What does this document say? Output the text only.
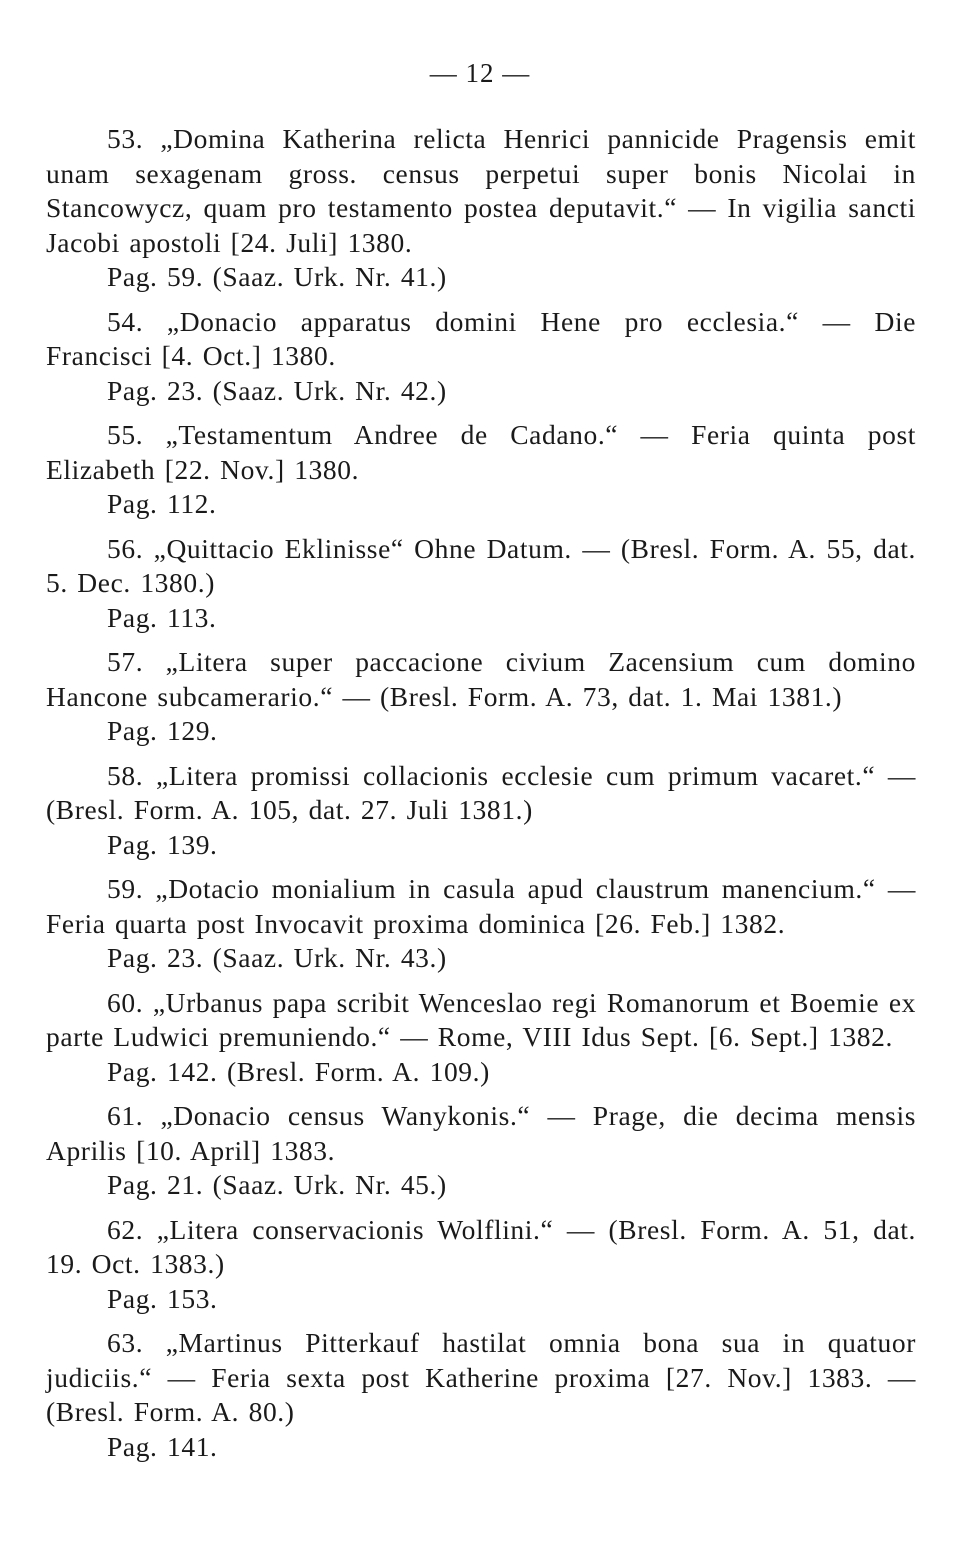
— 12 —

53. „Domina Katherina relicta Henrici pannicide Pragensis emit unam sexagenam gross. census perpetui super bonis Nicolai in Stancowycz, quam pro testamento postea deputavit.“ — In vigilia sancti Jacobi apostoli [24. Juli] 1380.

Pag. 59. (Saaz. Urk. Nr. 41.)

54. „Donacio apparatus domini Hene pro ecclesia.“ — Die Francisci [4. Oct.] 1380.

Pag. 23. (Saaz. Urk. Nr. 42.)

55. „Testamentum Andree de Cadano.“ — Feria quinta post Elizabeth [22. Nov.] 1380.

Pag. 112.

56. „Quittacio Eklinisse“ Ohne Datum. — (Bresl. Form. A. 55, dat. 5. Dec. 1380.)

Pag. 113.

57. „Litera super paccacione civium Zacensium cum domino Hancone subcamerario.“ — (Bresl. Form. A. 73, dat. 1. Mai 1381.)

Pag. 129.

58. „Litera promissi collacionis ecclesie cum primum vacaret.“ — (Bresl. Form. A. 105, dat. 27. Juli 1381.)

Pag. 139.

59. „Dotacio monialium in casula apud claustrum manencium.“ — Feria quarta post Invocavit proxima dominica [26. Feb.] 1382.

Pag. 23. (Saaz. Urk. Nr. 43.)

60. „Urbanus papa scribit Wenceslao regi Romanorum et Boemie ex parte Ludwici premuniendo.“ — Rome, VIII Idus Sept. [6. Sept.] 1382.

Pag. 142. (Bresl. Form. A. 109.)

61. „Donacio census Wanykonis.“ — Prage, die decima mensis Aprilis [10. April] 1383.

Pag. 21. (Saaz. Urk. Nr. 45.)

62. „Litera conservacionis Wolflini.“ — (Bresl. Form. A. 51, dat. 19. Oct. 1383.)

Pag. 153.

63. „Martinus Pitterkauf hastilat omnia bona sua in quatuor judiciis.“ — Feria sexta post Katherine proxima [27. Nov.] 1383. — (Bresl. Form. A. 80.)

Pag. 141.
